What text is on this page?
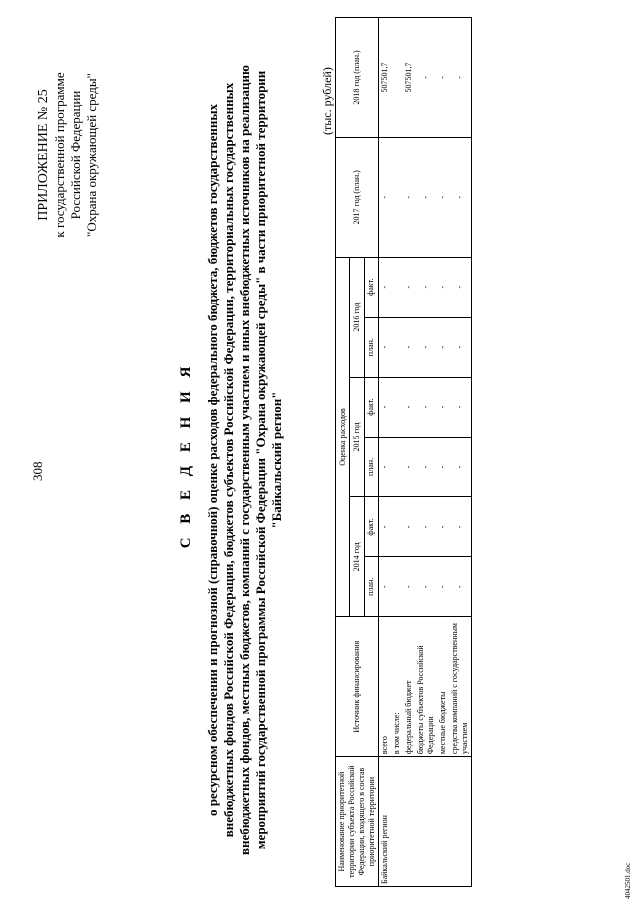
308
ПРИЛОЖЕНИЕ № 25 к государственной программе Российской Федерации "Охрана окружающей среды"
С В Е Д Е Н И Я о ресурсном обеспечении и прогнозной (справочной) оценке расходов федерального бюджета, бюджетов государственных внебюджетных фондов Российской Федерации, бюджетов субъектов Российской Федерации, территориальных государственных внебюджетных фондов, местных бюджетов, компаний с государственным участием и иных внебюджетных источников на реализацию мероприятий государственной программы Российской Федерации "Охрана окружающей среды" в части приоритетной территории "Байкальский регион"
(тыс. рублей)
Наименование приоритетной территории субъекта Российской Федерации, входящего в состав приоритетной территории	Источник финансирования	Оценка расходов						2017 год (план.)	2018 год (план.)
		2014 год		2015 год		2016 год			
		план.	факт.	план.	факт.	план.	факт.		
Байкальский регион	всего	-	-	-	-	-	-	-	507501,7
	в том числе:								
	федеральный бюджет	-	-	-	-	-	-	-	507501,7
	бюджеты субъектов Российской Федерации	-	-	-	-	-	-	-	-
	местные бюджеты	-	-	-	-	-	-	-	-
	средства компаний с государственным участием	-	-	-	-	-	-	-	-
4042501.doc
